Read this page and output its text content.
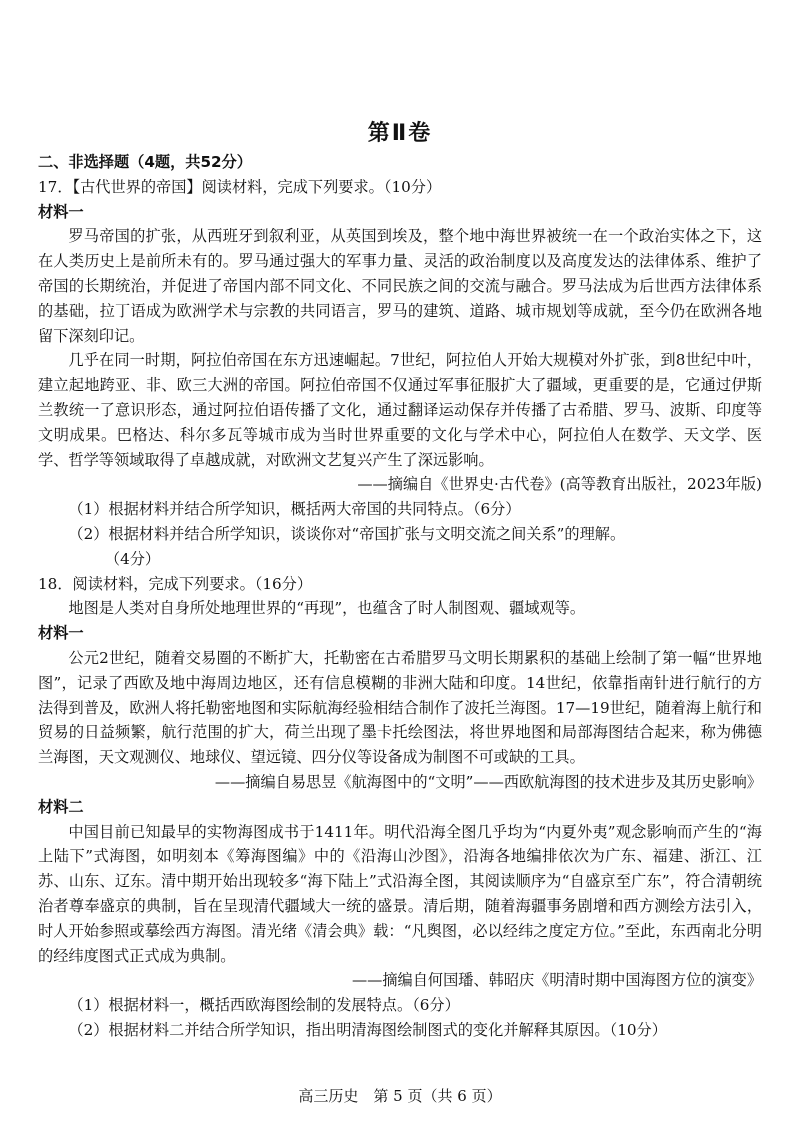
第Ⅱ卷

二、非选择题（4题，共52分）

17．【古代世界的帝国】阅读材料，完成下列要求。（10分）

材料一

罗马帝国的扩张，从西班牙到叙利亚，从英国到埃及，整个地中海世界被统一在一个政治实体之下，这在人类历史上是前所未有的。罗马通过强大的军事力量、灵活的政治制度以及高度发达的法律体系、维护了帝国的长期统治，并促进了帝国内部不同文化、不同民族之间的交流与融合。罗马法成为后世西方法律体系的基础，拉丁语成为欧洲学术与宗教的共同语言，罗马的建筑、道路、城市规划等成就，至今仍在欧洲各地留下深刻印记。

几乎在同一时期，阿拉伯帝国在东方迅速崛起。7世纪，阿拉伯人开始大规模对外扩张，到8世纪中叶，建立起地跨亚、非、欧三大洲的帝国。阿拉伯帝国不仅通过军事征服扩大了疆域，更重要的是，它通过伊斯兰教统一了意识形态，通过阿拉伯语传播了文化，通过翻译运动保存并传播了古希腊、罗马、波斯、印度等文明成果。巴格达、科尔多瓦等城市成为当时世界重要的文化与学术中心，阿拉伯人在数学、天文学、医学、哲学等领域取得了卓越成就，对欧洲文艺复兴产生了深远影响。

——摘编自《世界史·古代卷》(高等教育出版社，2023年版)

（1）根据材料并结合所学知识，概括两大帝国的共同特点。（6分）

（2）根据材料并结合所学知识，谈谈你对“帝国扩张与文明交流之间关系”的理解。

（4分）

18．阅读材料，完成下列要求。（16分）

地图是人类对自身所处地理世界的“再现”，也蕴含了时人制图观、疆域观等。

材料一

公元2世纪，随着交易圈的不断扩大，托勒密在古希腊罗马文明长期累积的基础上绘制了第一幅“世界地图”，记录了西欧及地中海周边地区，还有信息模糊的非洲大陆和印度。14世纪，依靠指南针进行航行的方法得到普及，欧洲人将托勒密地图和实际航海经验相结合制作了波托兰海图。17—19世纪，随着海上航行和贸易的日益频繁，航行范围的扩大，荷兰出现了墨卡托绘图法，将世界地图和局部海图结合起来，称为佛德兰海图，天文观测仪、地球仪、望远镜、四分仪等设备成为制图不可或缺的工具。

——摘编自易思昱《航海图中的“文明”——西欧航海图的技术进步及其历史影响》

材料二

中国目前已知最早的实物海图成书于1411年。明代沿海全图几乎均为“内夏外夷”观念影响而产生的“海上陆下”式海图，如明刻本《筹海图编》中的《沿海山沙图》，沿海各地编排依次为广东、福建、浙江、江苏、山东、辽东。清中期开始出现较多“海下陆上”式沿海全图，其阅读顺序为“自盛京至广东”，符合清朝统治者尊奉盛京的典制，旨在呈现清代疆域大一统的盛景。清后期，随着海疆事务剧增和西方测绘方法引入，时人开始参照或摹绘西方海图。清光绪《清会典》载：“凡舆图，必以经纬之度定方位。”至此，东西南北分明的经纬度图式正式成为典制。

——摘编自何国璠、韩昭庆《明清时期中国海图方位的演变》

（1）根据材料一，概括西欧海图绘制的发展特点。（6分）

（2）根据材料二并结合所学知识，指出明清海图绘制图式的变化并解释其原因。（10分）

高三历史　第 5 页（共 6 页）
